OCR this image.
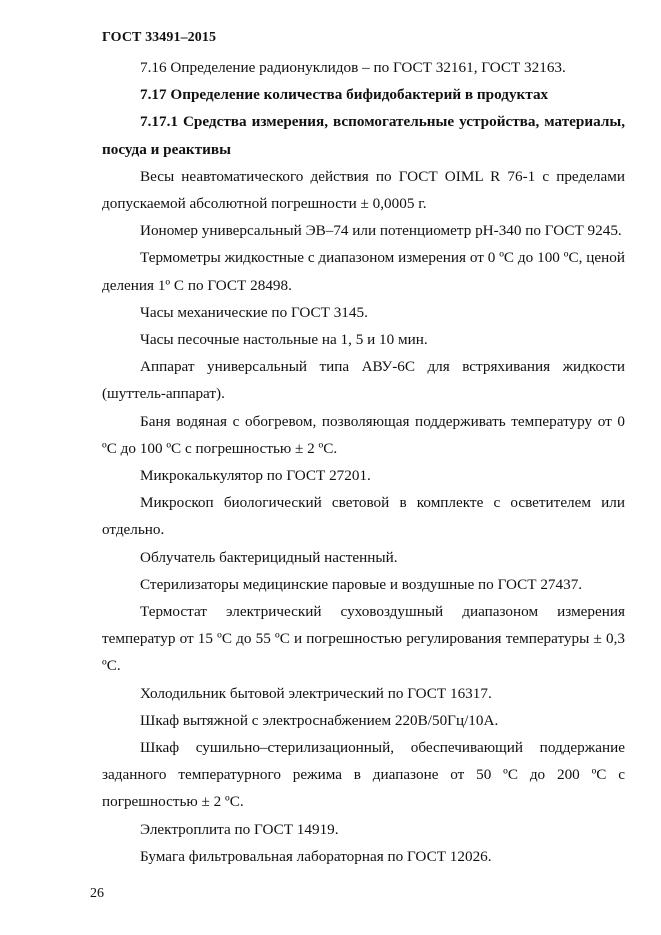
ГОСТ 33491–2015

7.16 Определение радионуклидов – по ГОСТ 32161, ГОСТ 32163.

7.17 Определение количества бифидобактерий в продуктах

7.17.1 Средства измерения, вспомогательные устройства, материалы, посуда и реактивы

Весы неавтоматического действия по ГОСТ OIML R 76-1 с пределами допускаемой абсолютной погрешности ± 0,0005 г.

Иономер универсальный ЭВ–74 или потенциометр рН-340 по ГОСТ 9245.

Термометры жидкостные с диапазоном измерения от 0 ºС до 100 ºС, ценой деления 1º С по ГОСТ 28498.

Часы механические по ГОСТ 3145.

Часы песочные настольные на 1, 5 и 10 мин.

Аппарат универсальный типа АВУ-6С для встряхивания жидкости (шуттель-аппарат).

Баня водяная с обогревом, позволяющая поддерживать температуру от 0 ºС до 100 ºС с погрешностью ± 2 ºС.

Микрокалькулятор по ГОСТ 27201.

Микроскоп биологический световой в комплекте с осветителем или отдельно.

Облучатель бактерицидный настенный.

Стерилизаторы медицинские паровые и воздушные по ГОСТ 27437.

Термостат электрический суховоздушный диапазоном измерения температур от 15 ºС до 55 ºС и погрешностью регулирования температуры ± 0,3 ºС.

Холодильник бытовой электрический по ГОСТ 16317.

Шкаф вытяжной с электроснабжением 220В/50Гц/10А.

Шкаф сушильно–стерилизационный, обеспечивающий поддержание заданного температурного режима в диапазоне от 50 ºС до 200 ºС с погрешностью ± 2 ºС.

Электроплита по ГОСТ 14919.

Бумага фильтровальная лабораторная по ГОСТ 12026.

26
